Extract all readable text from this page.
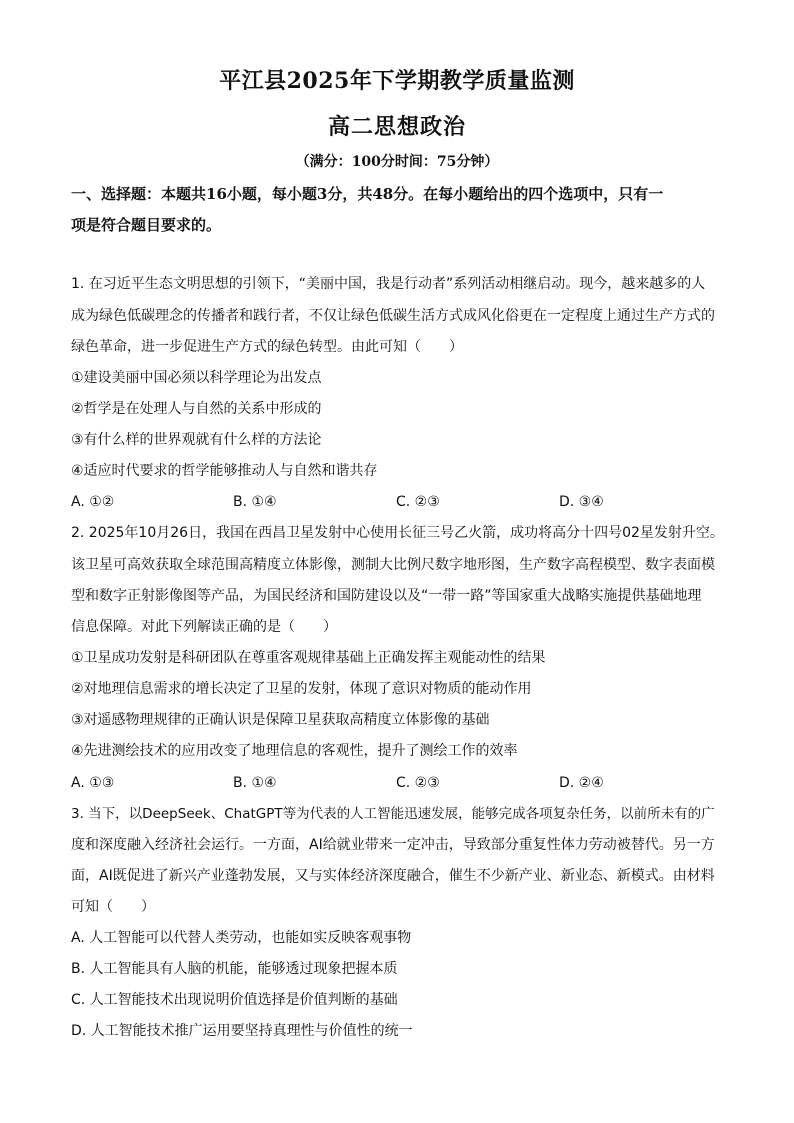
平江县2025年下学期教学质量监测
高二思想政治
（满分：100分时间：75分钟）
一、选择题：本题共16小题，每小题3分，共48分。在每小题给出的四个选项中，只有一
项是符合题目要求的。
1. 在习近平生态文明思想的引领下，“美丽中国，我是行动者”系列活动相继启动。现今，越来越多的人
成为绿色低碳理念的传播者和践行者，不仅让绿色低碳生活方式成风化俗更在一定程度上通过生产方式的
绿色革命，进一步促进生产方式的绿色转型。由此可知（　　）
①建设美丽中国必须以科学理论为出发点
②哲学是在处理人与自然的关系中形成的
③有什么样的世界观就有什么样的方法论
④适应时代要求的哲学能够推动人与自然和谐共存
A. ①②	B. ①④	C. ②③	D. ③④
2. 2025年10月26日，我国在西昌卫星发射中心使用长征三号乙火箭，成功将高分十四号02星发射升空。
该卫星可高效获取全球范围高精度立体影像，测制大比例尺数字地形图，生产数字高程模型、数字表面模
型和数字正射影像图等产品，为国民经济和国防建设以及“一带一路”等国家重大战略实施提供基础地理
信息保障。对此下列解读正确的是（　　）
①卫星成功发射是科研团队在尊重客观规律基础上正确发挥主观能动性的结果
②对地理信息需求的增长决定了卫星的发射，体现了意识对物质的能动作用
③对遥感物理规律的正确认识是保障卫星获取高精度立体影像的基础
④先进测绘技术的应用改变了地理信息的客观性，提升了测绘工作的效率
A. ①③	B. ①④	C. ②③	D. ②④
3. 当下，以DeepSeek、ChatGPT等为代表的人工智能迅速发展，能够完成各项复杂任务，以前所未有的广
度和深度融入经济社会运行。一方面，AI给就业带来一定冲击，导致部分重复性体力劳动被替代。另一方
面，AI既促进了新兴产业蓬勃发展，又与实体经济深度融合，催生不少新产业、新业态、新模式。由材料
可知（　　）
A. 人工智能可以代替人类劳动，也能如实反映客观事物
B. 人工智能具有人脑的机能，能够透过现象把握本质
C. 人工智能技术出现说明价值选择是价值判断的基础
D. 人工智能技术推广运用要坚持真理性与价值性的统一
